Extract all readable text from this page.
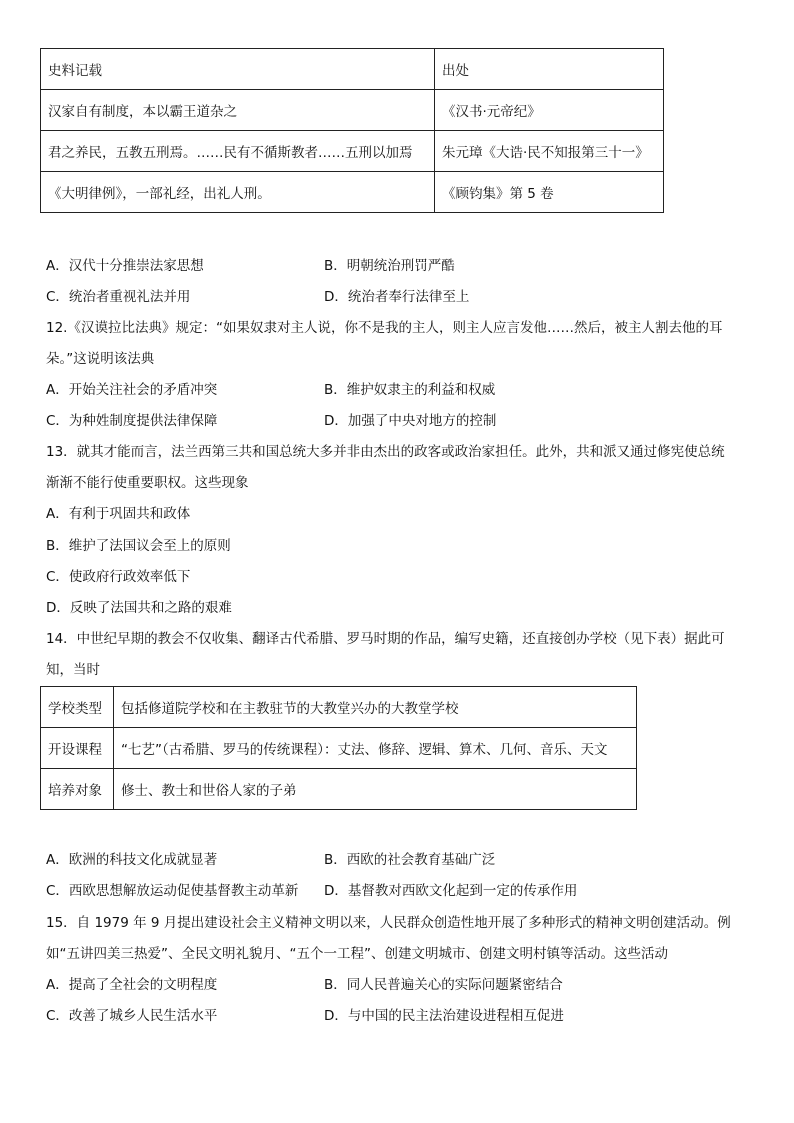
史料记载	出处
汉家自有制度，本以霸王道杂之	《汉书·元帝纪》
君之养民，五教五刑焉。……民有不循斯教者……五刑以加焉	朱元璋《大诰·民不知报第三十一》
《大明律例》，一部礼经，出礼人刑。	《顾钧集》第 5 卷
A．汉代十分推崇法家思想	B．明朝统治刑罚严酷
C．统治者重视礼法并用	D．统治者奉行法律至上
12.《汉谟拉比法典》规定：“如果奴隶对主人说，你不是我的主人，则主人应言发他……然后，被主人割去他的耳
朵。”这说明该法典
A．开始关注社会的矛盾冲突	B．维护奴隶主的利益和权威
C．为种姓制度提供法律保障	D．加强了中央对地方的控制
13．就其才能而言，法兰西第三共和国总统大多并非由杰出的政客或政治家担任。此外，共和派又通过修宪使总统
渐渐不能行使重要职权。这些现象
A．有利于巩固共和政体
B．维护了法国议会至上的原则
C．使政府行政效率低下
D．反映了法国共和之路的艰难
14．中世纪早期的教会不仅收集、翻译古代希腊、罗马时期的作品，编写史籍，还直接创办学校（见下表）据此可
知，当时
学校类型	包括修道院学校和在主教驻节的大教堂兴办的大教堂学校
开设课程	“七艺”（古希腊、罗马的传统课程）：丈法、修辞、逻辑、算术、几何、音乐、天文
培养对象	修士、教士和世俗人家的子弟
A．欧洲的科技文化成就显著	B．西欧的社会教育基础广泛
C．西欧思想解放运动促使基督教主动革新 D．基督教对西欧文化起到一定的传承作用
15．自 1979 年 9 月提出建设社会主义精神文明以来，人民群众创造性地开展了多种形式的精神文明创建活动。例
如“五讲四美三热爱”、全民文明礼貌月、“五个一工程”、创建文明城市、创建文明村镇等活动。这些活动
A．提高了全社会的文明程度	B．同人民普遍关心的实际问题紧密结合
C．改善了城乡人民生活水平	D．与中国的民主法治建设进程相互促进
